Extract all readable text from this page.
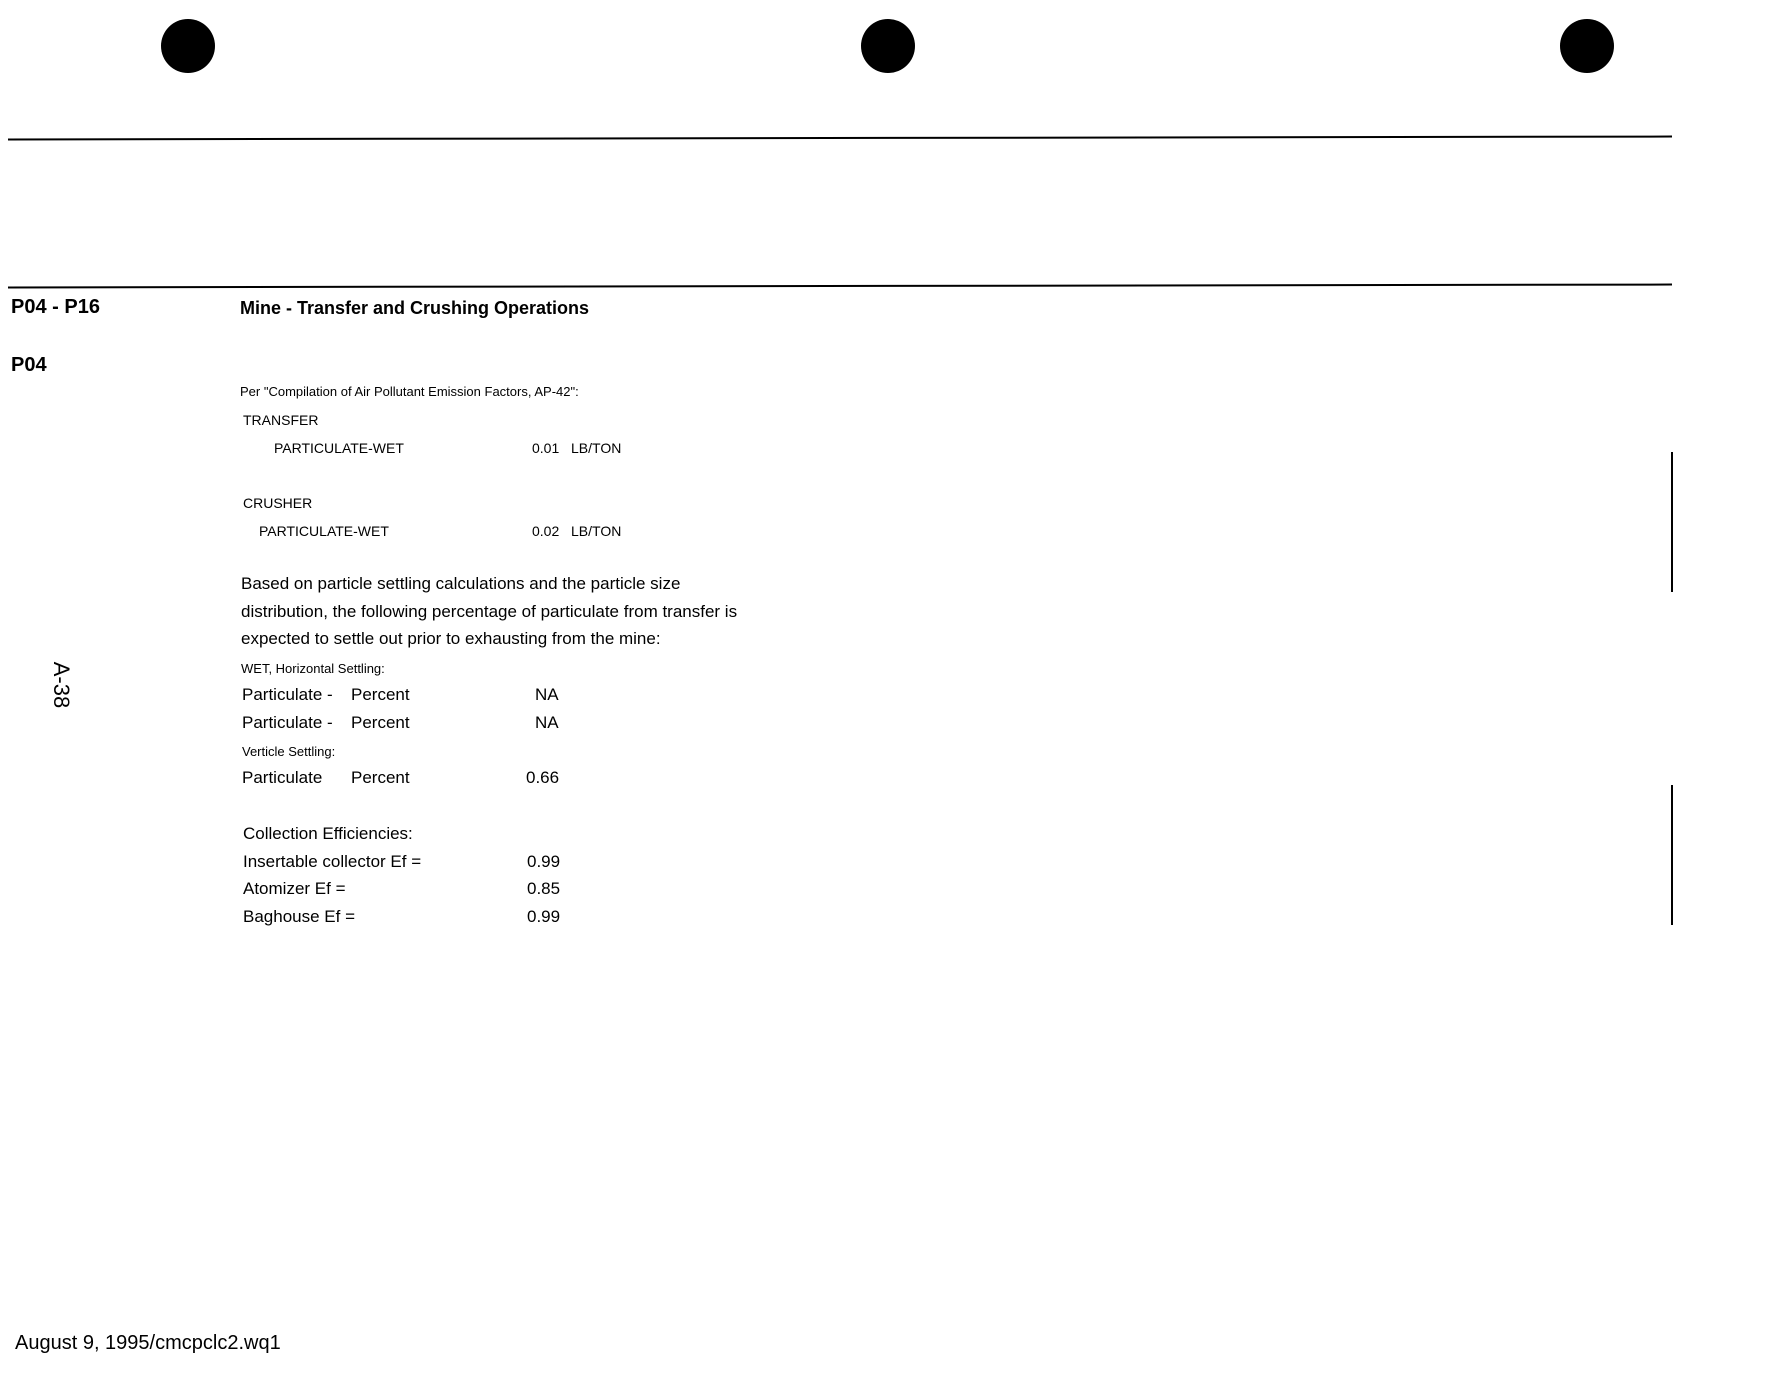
P04 - P16	Mine - Transfer and Crushing Operations
P04
Per "Compilation of Air Pollutant Emission Factors, AP-42":
TRANSFER
PARTICULATE-WET	0.01 LB/TON
CRUSHER
PARTICULATE-WET	0.02 LB/TON
Based on particle settling calculations and the particle size
distribution, the following percentage of particulate from transfer is
expected to settle out prior to exhausting from the mine:
WET, Horizontal Settling:
Particulate - Percent	NA
Particulate - Percent	NA
Verticle Settling:
Particulate Percent	0.66
Collection Efficiencies:
Insertable collector Ef =	0.99
Atomizer Ef =	0.85
Baghouse Ef =	0.99
A-38
August 9, 1995/cmcpclc2.wq1
